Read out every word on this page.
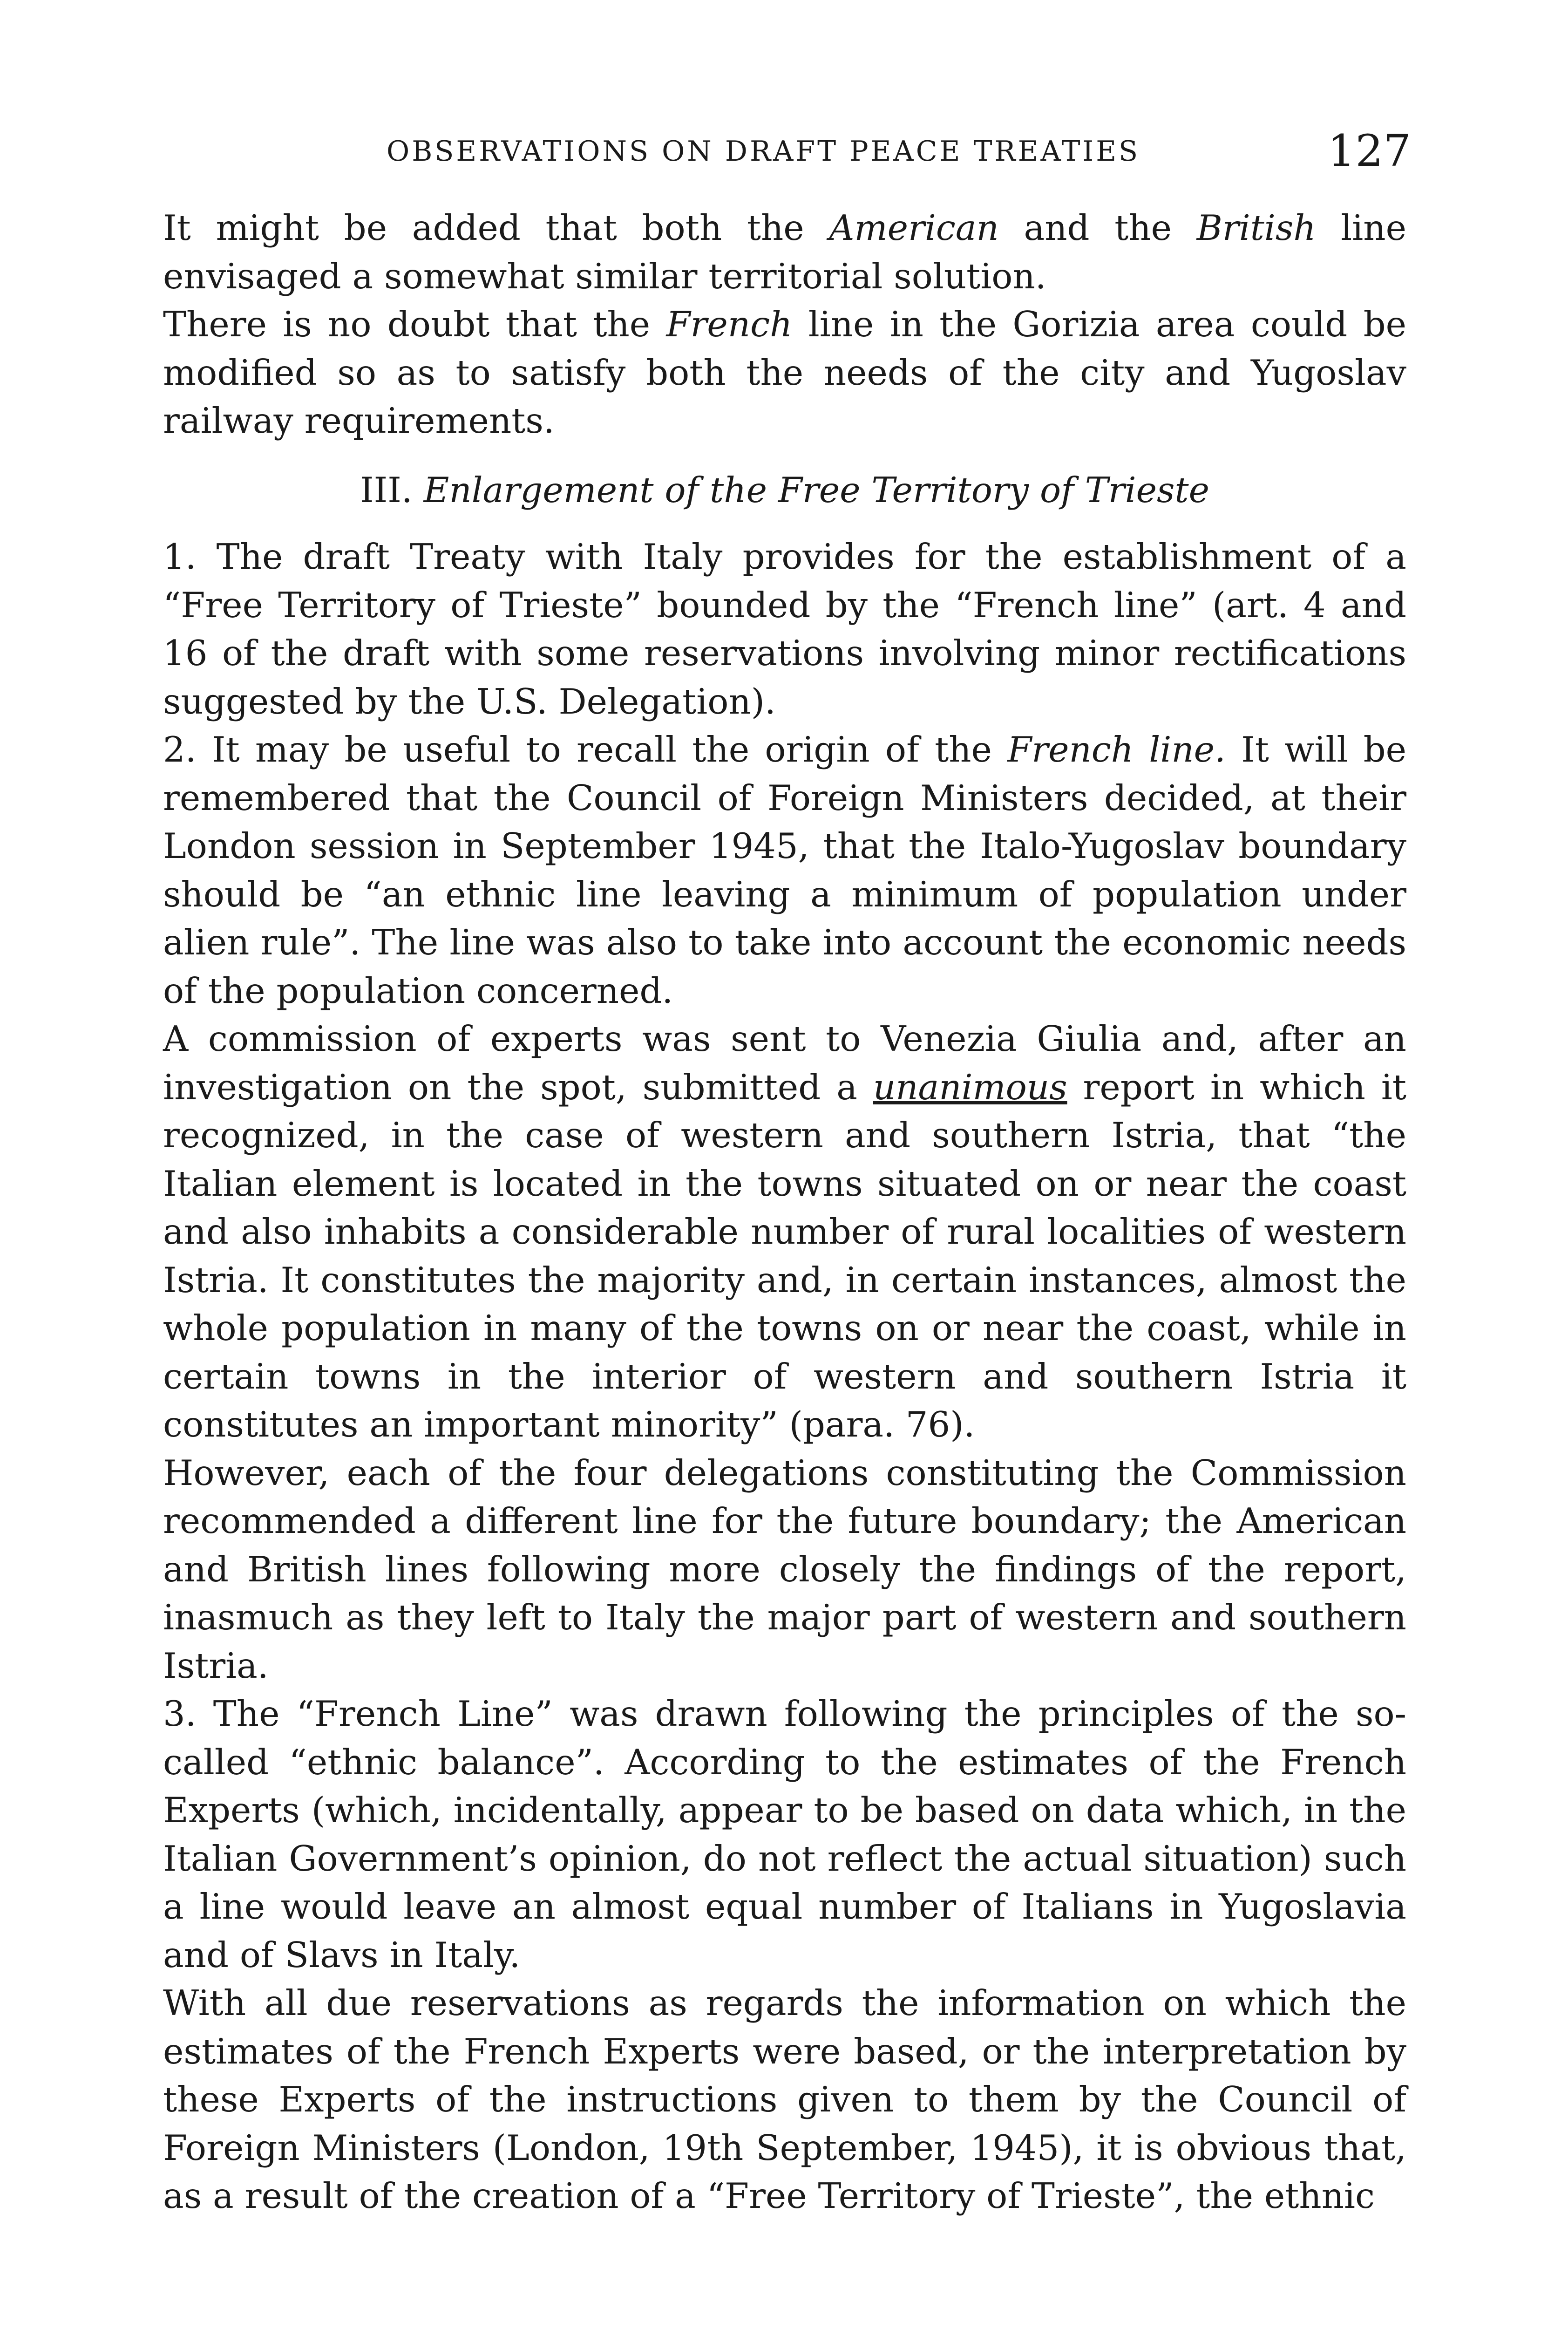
OBSERVATIONS ON DRAFT PEACE TREATIES	127

It might be added that both the American and the British line envisaged a somewhat similar territorial solution.

There is no doubt that the French line in the Gorizia area could be modified so as to satisfy both the needs of the city and Yugoslav railway requirements.

III. Enlargement of the Free Territory of Trieste

1. The draft Treaty with Italy provides for the establishment of a “Free Territory of Trieste” bounded by the “French line” (art. 4 and 16 of the draft with some reservations involving minor rectifications suggested by the U.S. Delegation).

2. It may be useful to recall the origin of the French line. It will be remembered that the Council of Foreign Ministers decided, at their London session in September 1945, that the Italo-Yugoslav boundary should be “an ethnic line leaving a minimum of population under alien rule”. The line was also to take into account the economic needs of the population concerned.

A commission of experts was sent to Venezia Giulia and, after an investigation on the spot, submitted a unanimous report in which it recognized, in the case of western and southern Istria, that “the Italian element is located in the towns situated on or near the coast and also inhabits a considerable number of rural localities of western Istria. It constitutes the majority and, in certain instances, almost the whole population in many of the towns on or near the coast, while in certain towns in the interior of western and southern Istria it constitutes an important minority” (para. 76).

However, each of the four delegations constituting the Commission recommended a different line for the future boundary; the American and British lines following more closely the findings of the report, inasmuch as they left to Italy the major part of western and southern Istria.

3. The “French Line” was drawn following the principles of the so-called “ethnic balance”. According to the estimates of the French Experts (which, incidentally, appear to be based on data which, in the Italian Government’s opinion, do not reflect the actual situation) such a line would leave an almost equal number of Italians in Yugoslavia and of Slavs in Italy.

With all due reservations as regards the information on which the estimates of the French Experts were based, or the interpretation by these Experts of the instructions given to them by the Council of Foreign Ministers (London, 19th September, 1945), it is obvious that, as a result of the creation of a “Free Territory of Trieste”, the ethnic
